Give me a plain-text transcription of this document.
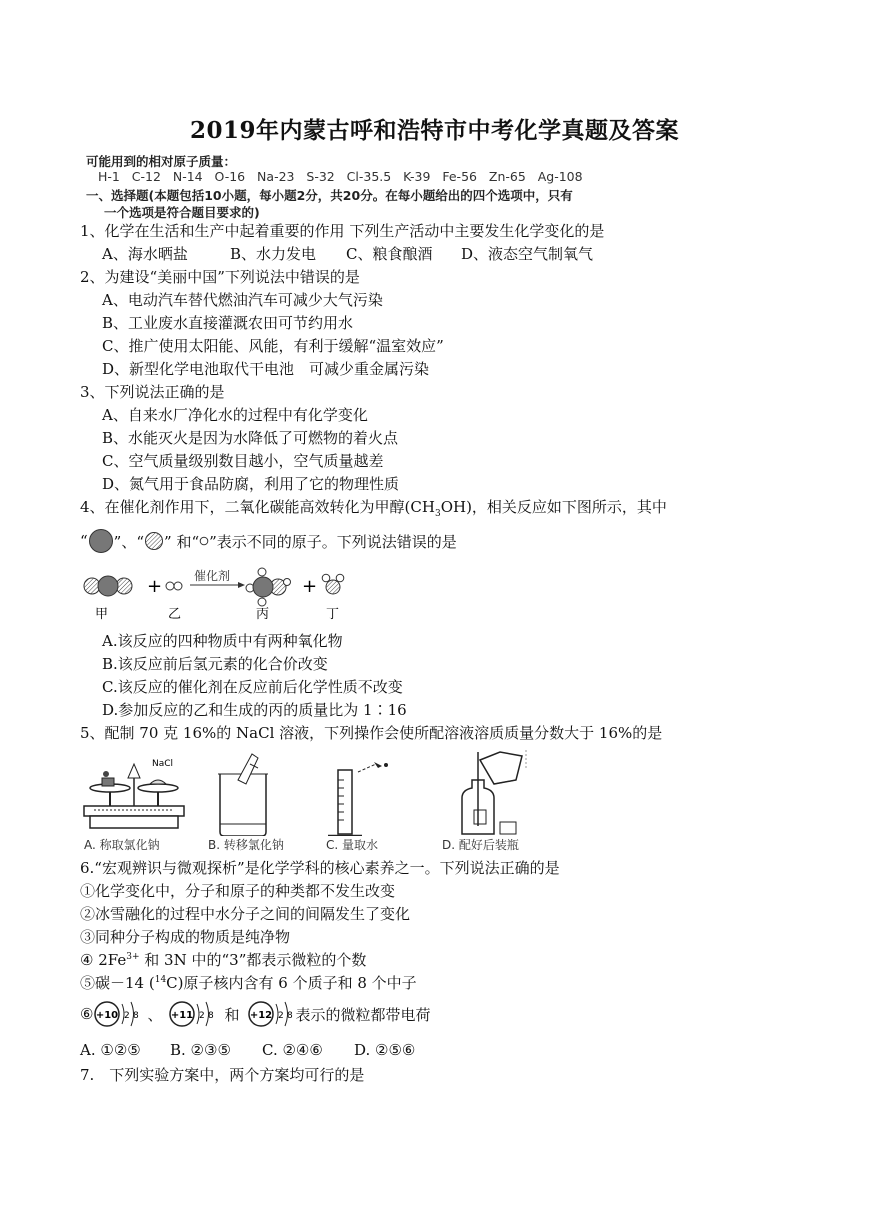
2019年内蒙古呼和浩特市中考化学真题及答案
可能用到的相对原子质量：
H-1   C-12   N-14   O-16   Na-23   S-32   Cl-35.5   K-39   Fe-56   Zn-65   Ag-108
一、选择题(本题包括10小题，每小题2分，共20分。在每小题给出的四个选项中，只有
一个选项是符合题目要求的)
1、化学在生活和生产中起着重要的作用 下列生产活动中主要发生化学变化的是
A、海水晒盐	B、水力发电 C、粮食酿酒 D、液态空气制氧气
2、为建设“美丽中国”下列说法中错误的是
A、电动汽车替代燃油汽车可减少大气污染
B、工业废水直接灌溉农田可节约用水
C、推广使用太阳能、风能，有利于缓解“温室效应”
D、新型化学电池取代干电池　可减少重金属污染
3、下列说法正确的是
A、自来水厂净化水的过程中有化学变化
B、水能灭火是因为水降低了可燃物的着火点
C、空气质量级别数目越小，空气质量越差
D、氮气用于食品防腐，利用了它的物理性质
4、在催化剂作用下，二氧化碳能高效转化为甲醇$(CH_3OH)$，相关反应如下图所示，其中
“ ”、“ ” 和“ ”表示不同的原子。下列说法错误的是
+	催化剂	+
甲	乙	丙	丁
A.该反应的四种物质中有两种氧化物
B.该反应前后氢元素的化合价改变
C.该反应的催化剂在反应前后化学性质不改变
D.参加反应的乙和生成的丙的质量比为 1∶16
5、配制 70 克 16%的 NaCl 溶液，下列操作会使所配溶液溶质质量分数大于 16%的是
NaCl
A. 称取氯化钠	B. 转移氯化钠	C. 量取水	D. 配好后装瓶
6.“宏观辨识与微观探析”是化学学科的核心素养之一。下列说法正确的是
①化学变化中，分子和原子的种类都不发生改变
②冰雪融化的过程中水分子之间的间隔发生了变化
③同种分子构成的物质是纯净物
④ $2Fe^{3+}$ 和 3N 中的“3”都表示微粒的个数
⑤碳－14 ($^{14}$C)原子核内含有 6 个质子和 8 个中子
⑥ +10 2 8 、 +11 2 8 和 +12 2 8 表示的微粒都带电荷
A. ①②⑤ B. ②③⑤ C. ②④⑥ D. ②⑤⑥
7.　下列实验方案中，两个方案均可行的是
